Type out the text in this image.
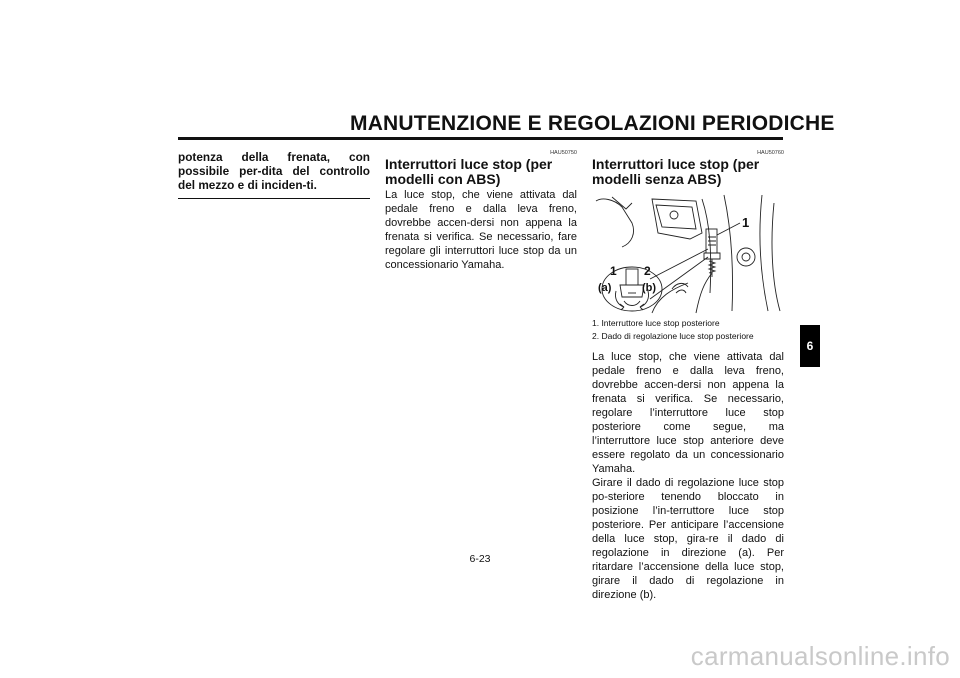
MANUTENZIONE E REGOLAZIONI PERIODICHE

potenza della frenata, con possibile per-dita del controllo del mezzo e di inciden-ti.

HAU50750

Interruttori luce stop (per modelli con ABS)

La luce stop, che viene attivata dal pedale freno e dalla leva freno, dovrebbe accen-dersi non appena la frenata si verifica. Se necessario, fare regolare gli interruttori luce stop da un concessionario Yamaha.

HAU50760

Interruttori luce stop (per modelli senza ABS)
1
1 2
(a)	(b)
1. Interruttore luce stop posteriore
2. Dado di regolazione luce stop posteriore

La luce stop, che viene attivata dal pedale freno e dalla leva freno, dovrebbe accen-dersi non appena la frenata si verifica. Se necessario, regolare l’interruttore luce stop posteriore come segue, ma l’interruttore luce stop anteriore deve essere regolato da un concessionario Yamaha.

Girare il dado di regolazione luce stop po-steriore tenendo bloccato in posizione l’in-terruttore luce stop posteriore. Per anticipare l’accensione della luce stop, gira-re il dado di regolazione in direzione (a). Per ritardare l’accensione della luce stop, girare il dado di regolazione in direzione (b).

6
6-23
carmanualsonline.info
